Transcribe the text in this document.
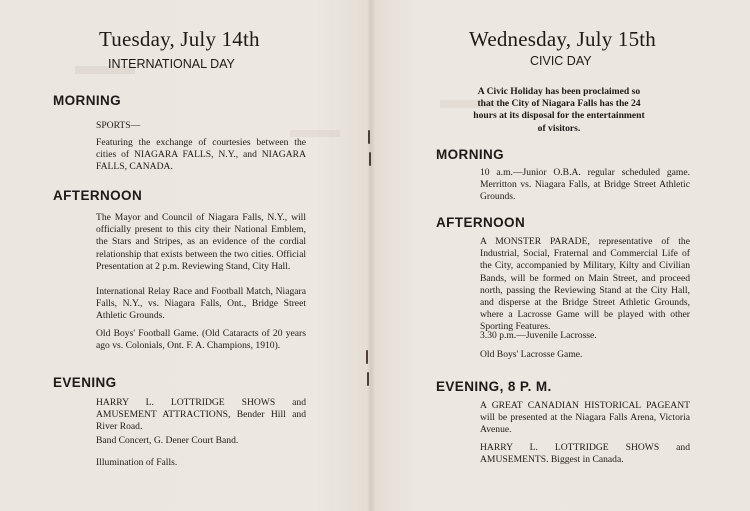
Tuesday, July 14th
INTERNATIONAL DAY
MORNING
SPORTS—
Featuring the exchange of courtesies between the cities of NIAGARA FALLS, N.Y., and NIAGARA FALLS, CANADA.
AFTERNOON
The Mayor and Council of Niagara Falls, N.Y., will officially present to this city their National Emblem, the Stars and Stripes, as an evidence of the cordial relationship that exists between the two cities. Official Presentation at 2 p.m. Reviewing Stand, City Hall.
International Relay Race and Football Match, Niagara Falls, N.Y., vs. Niagara Falls, Ont., Bridge Street Athletic Grounds.
Old Boys' Football Game. (Old Cataracts of 20 years ago vs. Colonials, Ont. F. A. Champions, 1910).
EVENING
HARRY L. LOTTRIDGE SHOWS and AMUSEMENT ATTRACTIONS, Bender Hill and River Road.
Band Concert, G. Dener Court Band.
Illumination of Falls.
Wednesday, July 15th
CIVIC DAY
A Civic Holiday has been proclaimed so that the City of Niagara Falls has the 24 hours at its disposal for the entertainment of visitors.
MORNING
10 a.m.—Junior O.B.A. regular scheduled game. Merritton vs. Niagara Falls, at Bridge Street Athletic Grounds.
AFTERNOON
A MONSTER PARADE, representative of the Industrial, Social, Fraternal and Commercial Life of the City, accompanied by Military, Kilty and Civilian Bands, will be formed on Main Street, and proceed north, passing the Reviewing Stand at the City Hall, and disperse at the Bridge Street Athletic Grounds, where a Lacrosse Game will be played with other Sporting Features.
3.30 p.m.—Juvenile Lacrosse.
Old Boys' Lacrosse Game.
EVENING, 8 P. M.
A GREAT CANADIAN HISTORICAL PAGEANT will be presented at the Niagara Falls Arena, Victoria Avenue.
HARRY L. LOTTRIDGE SHOWS and AMUSEMENTS. Biggest in Canada.
